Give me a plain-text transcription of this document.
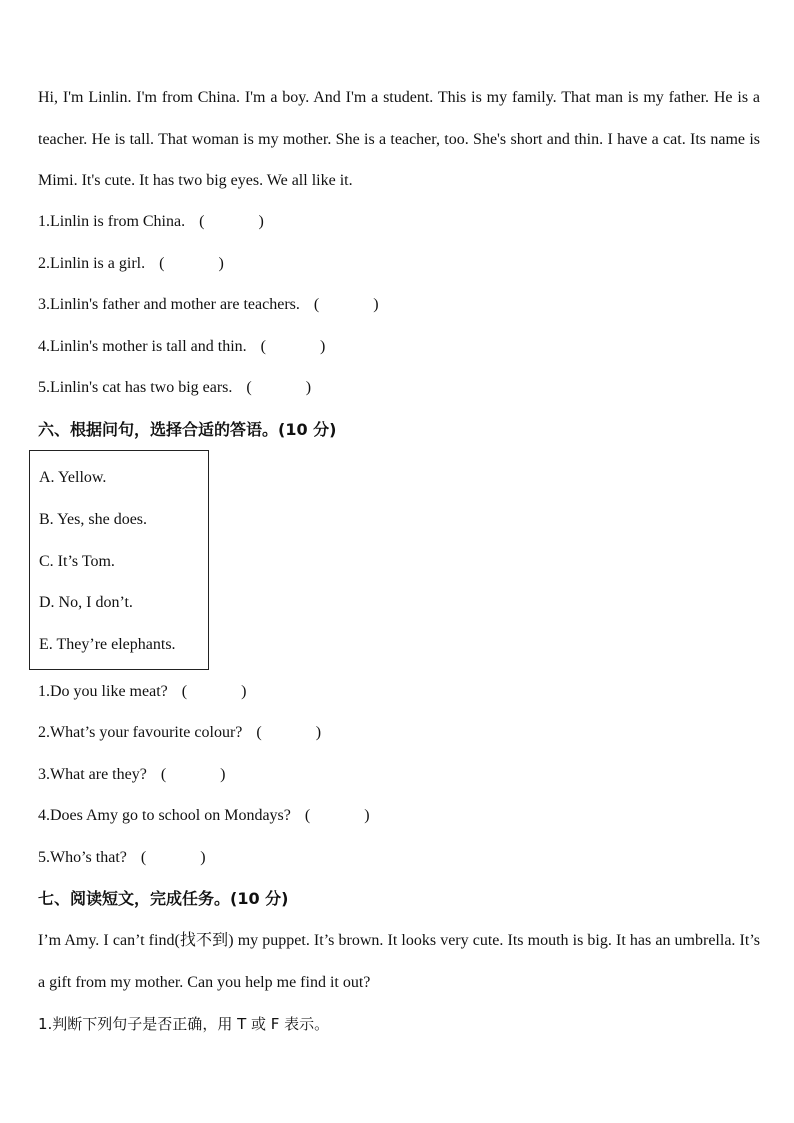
Hi, I'm Linlin. I'm from China. I'm a boy. And I'm a student. This is my family. That man is my father. He is a teacher. He is tall. That woman is my mother. She is a teacher, too. She's short and thin. I have a cat. Its name is Mimi. It's cute. It has two big eyes. We all like it.
1.Linlin is from China. (	)
2.Linlin is a girl. (	)
3.Linlin's father and mother are teachers. (	)
4.Linlin's mother is tall and thin. (	)
5.Linlin's cat has two big ears. (	)
六、根据问句，选择合适的答语。(10 分)
A. Yellow.
B. Yes, she does.
C. It’s Tom.
D. No, I don’t.
E. They’re elephants.
1.Do you like meat? (	)
2.What’s your favourite colour? (	)
3.What are they? (	)
4.Does Amy go to school on Mondays? (	)
5.Who’s that? (	)
七、阅读短文，完成任务。(10 分)
I’m Amy. I can’t find(找不到) my puppet. It’s brown. It looks very cute. Its mouth is big. It has an umbrella. It’s a gift from my mother. Can you help me find it out?
1.判断下列句子是否正确，用 T 或 F 表示。
